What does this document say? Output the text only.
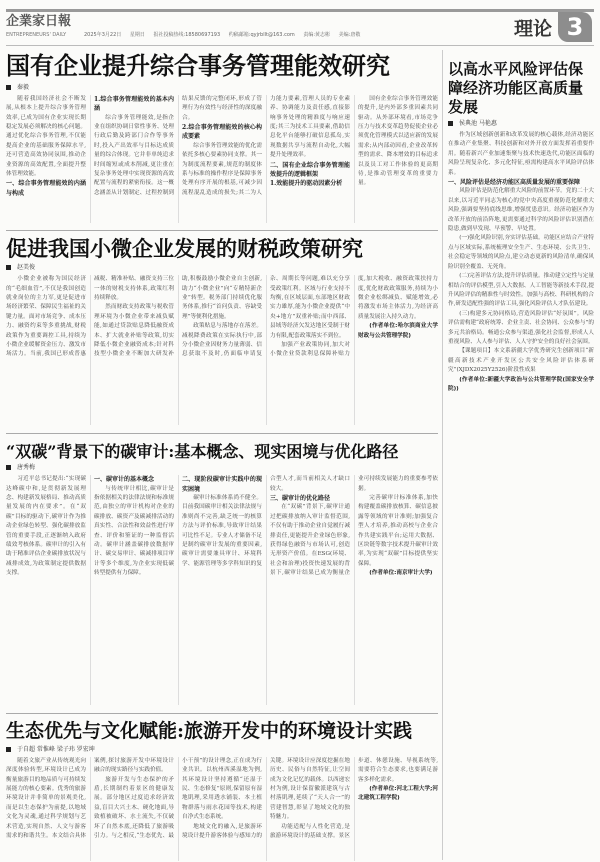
企業家日報
ENTREPRENEURS' DAILY	2025年3月22日 星期日 报社投稿热线:18580697193 约稿邮箱:qyjrbllt@163.com 责编:黄志彬 美编:唐敬	理论 3
国有企业提升综合事务管理能效研究
秦毅

随着我国经济社会不断发展,从根本上提升综合事务管理效率,已成为国有企业实现长期稳定发展必须解决的核心问题。通过优化综合事务管理,不仅能提高企业的基础服务保障水平,还可营造高效协同氛围,推动企业资源的高效配置,全面提升整体管理效能。

一、综合事务管理能效的内涵与构成
1.综合事务管理能效的基本内涵

综合事务管理能效,是指企业在组织协调日常性事务、处理行政后勤及跨部门合作等事务时,投入产出效率与目标达成质量的综合体现。它并非单纯追求时间缩短或成本削减,更注重在复杂事务处理中实现资源的高效配置与流程的紧密衔接。这一概念涵盖从计划制定、过程控制到结果反馈的完整闭环,形成了管理行为有效性与经济性的深度融合。

2.综合事务管理能效的核心构成要素

综合事务管理效能的优化需依托多核心要素协同支撑。其一为制度流程要素,规范的制度体系与标准的操作程序是保障事务处理有序开展的根基,可减少因流程混乱造成的损失;其二为人力能力要素,管理人员的专业素养、协调能力及责任感,直接影响事务处理的精准度与响应速度;其三为技术工具要素,借助信息化平台能够打破信息孤岛,实现数据共享与流程自动化,大幅提升处理效率。

二、国有企业综合事务管理能效提升的逻辑框架
1.效能提升的驱动因素分析

国有企业综合事务管理效能的提升,是内外部多重因素共同驱动。从外部环境看,市场竞争压力与技术变革趋势促使企业必须优化管理模式以适应新的发展需求;从内部动因看,企业改革转型的需求、降本增效的目标追求以及员工对工作体验的更高期待,是推动管理变革的重要力量。

促进我国小微企业发展的财税政策研究
赵美俊

小微企业被称为国民经济的“毛细血管”,不仅是我国创造就业岗位的主力军,更是促进市场经济繁荣、保障民生福祉的关键力量。面对市场竞争、成本压力、融资约束等多重挑战,财税政策作为重要调控工具,持续为小微企业缓解资金压力、激发市场活力。当前,我国已形成普惠减税、精准补贴、融资支持三位一体的财税支持体系,政策红利持续释放。

然而财政支持政策与税收管理环境为小微企业带来减负赋能,如通过贷款贴息降低融资成本、扩大就业补贴等政策,切实降低小微企业融资成本;针对科技型小微企业不断加大研发补助,积极鼓励小微企业自主创新,助力“小微企业”向“专精特新企业”转型。税务部门持续优化服务体系,推行“首问负责、容缺受理”等便利化措施。

政策贴息与落地存在落差。减税降费政策在实际执行中,部分小微企业因财务力量薄弱、信息获取不及时,仍面临申请复杂、周期长等问题,难以充分享受政策红利。区域与行业支持不均衡,在区域层面,东部地区财政实力雄厚,能为小微企业提供“中央+地方”双重补贴;而中西部、县域等经济欠发达地区受制于财力有限,配套政策落实不到位。

加强产业政策协同,加大对小微企业贷款利息保障补贴力度,加大税收、融资政策扶持力度,优化财政政策服务,持续为小微企业松绑减负、赋能增效,必将激发市场主体活力,为经济高质量发展注入持久动力。

(作者单位:哈尔滨商业大学财政与公共管理学院)

“双碳”背景下的碳审计:基本概念、现实困境与优化路径
唐秀梅

习近平总书记提出:“实现碳达峰碳中和,是贯彻新发展理念、构建新发展格局、推动高质量发展的内在要求”。在“双碳”目标的驱动下,碳审计作为推动企业绿色转型、强化碳排放监管的重要手段,正逐渐纳入政府绩效考核体系。碳审计的引入有助于精准评估企业碳排放状况与减排成效,为政策制定提供数据支撑。

一、碳审计的基本概念

与传统审计相比,碳审计是指依据相关的法律法规和标准规范,由独立的审计机构对企业的碳排放、碳资产及碳减排活动的真实性、合法性和效益性进行审查、评价和鉴证的一种监督活动。碳审计涵盖碳排放数据审计、碳交易审计、碳减排项目审计等多个维度,为企业实现低碳转型提供有力保障。

二、现阶段碳审计实践中的现实困境

碳审计标准体系尚不健全。目前我国碳审计相关法律法规与准则尚不完善,缺乏统一的核算方法与评价标准,导致审计结果可比性不足。专业人才储备不足是制约碳审计发展的重要因素,碳审计需要兼具审计、环境科学、能源管理等多学科知识的复合型人才,而当前相关人才缺口较大。

三、碳审计的优化路径

在“双碳”背景下,碳审计通过把碳排放纳入审计监督范围,不仅有助于推动企业自觉履行减排责任,更能提升企业绿色形象,获得绿色融资与市场认可,创造无形资产价值。在ESG(环境、社会和治理)投资快速发展的背景下,碳审计结果已成为衡量企业可持续发展能力的重要参考依据。

完善碳审计标准体系,加快构建覆盖碳排放核算、碳信息披露等领域的审计准则;加强复合型人才培养,推动高校与企业合作共建实践平台;运用大数据、区块链等数字技术提升碳审计效率,为实现“双碳”目标提供坚实保障。

(作者单位:南京审计大学)

生态优先与文化赋能:旅游开发中的环境设计实践
于自超 常惟峰 梁子玮 罗宏坤

随着文旅产业从传统观光向深度体验转型,环境设计已成为衡量旅游目的地品质与可持续发展能力的核心要素。优秀的旅游环境设计并非简单的景观美化,而是以生态保护为前提,以地域文化为灵魂,通过科学规划与艺术营造,实现自然、人文与游客需求的和谐共生。本文结合具体案例,探讨旅游开发中环境设计融合的现实路径与实践价值。

旅游开发与生态保护的矛盾,长期制约着景区的健康发展。部分地区过度追求经济效益,盲目大兴土木、硬化地面,导致植被破坏、水土流失,不仅破坏了自然本底,还降低了旅游吸引力。与之相反,“生态优先、最小干预”的设计理念,正在成为行业共识。以杭州西溪湿地为例,其环境设计坚持遵循“还湿于民、生态修复”原则,保留原有湿地肌理,采用透水铺装、本土植物群落与雨水花园等技术,构建自净式生态系统。

地域文化的融入,是旅游环境设计提升游客体验与感知力的关键。环境设计应深度挖掘在地历史、民俗与自然特征,让空间成为文化记忆的载体。以西递宏村为例,设计保留徽派建筑与古村落肌理,延续了“天人合一”的营建智慧,彰显了地域文化的独特魅力。

功能适配与人性化营造,是旅游环境设计的基础支撑。景区步道、休憩设施、导视系统等,需要符合生态要求,也要满足游客多样化需求。

(作者单位:河北工程大学;河北建筑工程学院)

以高水平风险评估保障经济功能区高质量发展
侯典池 马艳惠

作为区域创新创新和改革发展的核心载体,经济功能区在推动产业集聚、科技创新和对外开放方面发挥着重要作用。随着新兴产业加速集聚与技术快速迭代,功能区面临的风险呈现复杂化、多元化特征,亟需构建高水平风险评估体系。

一、风险评估是经济功能区高质量发展的重要保障

风险评估是防范化解重大风险的前置环节。党的二十大以来,以习近平同志为核心的党中央高度重视防范化解重大风险,强调要坚持底线思维,增强忧患意识。经济功能区作为改革开放的前沿阵地,更需要通过科学的风险评估识别潜在隐患,做到早发现、早预警、早处置。

(一)强化风险识别,夯实评估基础。功能区应结合产业特点与区域实际,系统梳理安全生产、生态环境、公共卫生、社会稳定等领域的风险点,建立动态更新的风险清单,确保风险识别全覆盖、无死角。

(二)完善评估方法,提升评估质量。推动建立定性与定量相结合的评估模型,引入大数据、人工智能等新技术手段,提升风险评估的精准性与时效性。加强与高校、科研机构的合作,研发适配性强的评估工具,强化风险评估人才队伍建设。

(三)构建多元协同格局,营造风险评估“好氛围”。风险评估需构建“政府统筹、企业主责、社会协同、公众参与”的多元共治格局。畅通公众参与渠道,强化社会监督,形成人人重视风险、人人参与评估、人人守护安全的良好社会氛围。

【课题项目】本文系新疆大学优秀研究生创新项目“新疆高新技术产业开发区公共安全风险评估体系研究”(XJDX2025Y2526)阶段性成果

(作者单位:新疆大学政治与公共管理学院(国家安全学院))
